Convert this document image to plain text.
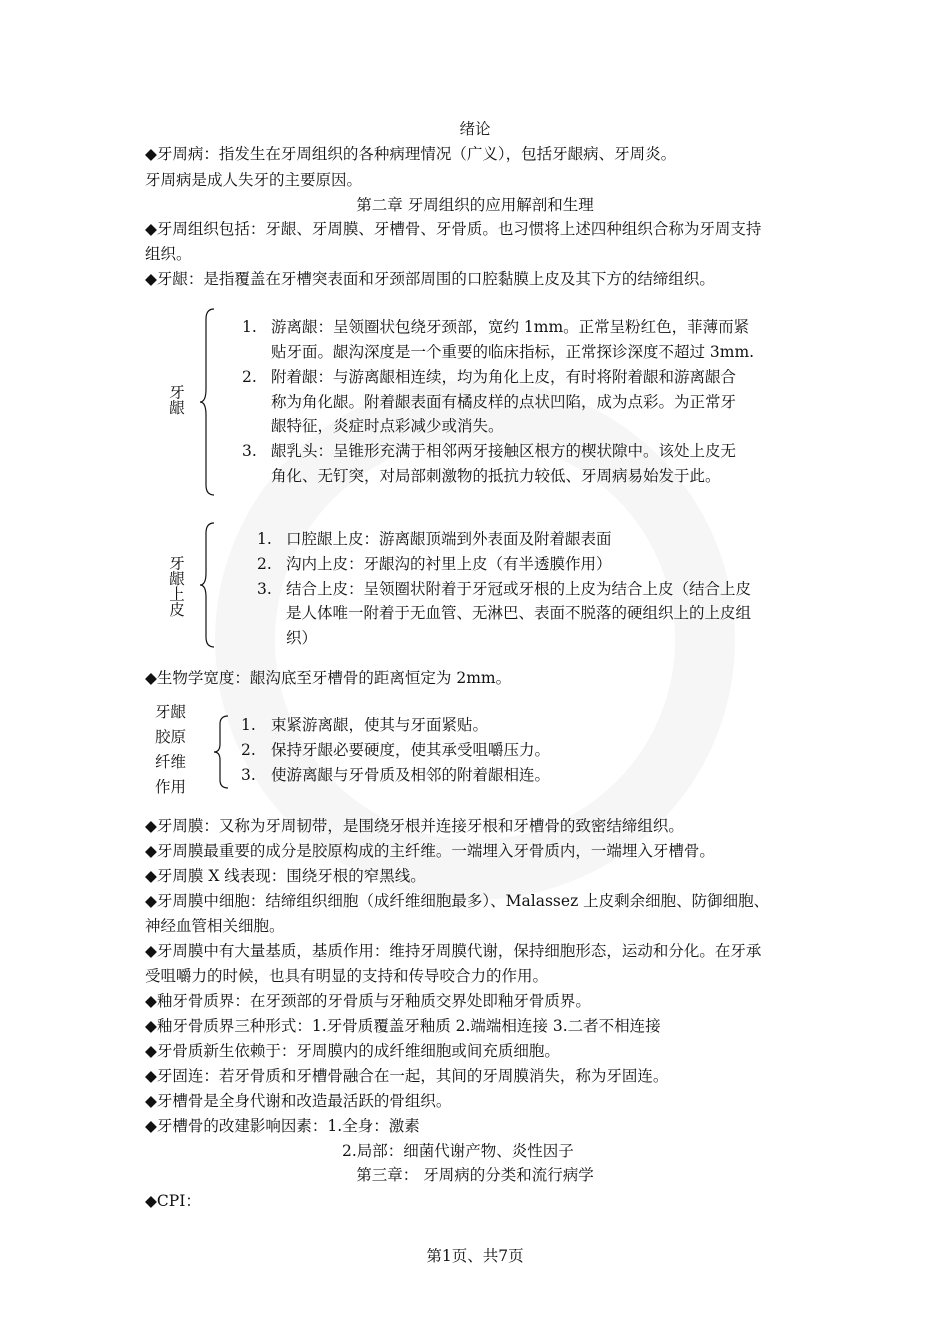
绪论
◆牙周病：指发生在牙周组织的各种病理情况（广义），包括牙龈病、牙周炎。
牙周病是成人失牙的主要原因。
第二章 牙周组织的应用解剖和生理
◆牙周组织包括：牙龈、牙周膜、牙槽骨、牙骨质。也习惯将上述四种组织合称为牙周支持
组织。
◆牙龈：是指覆盖在牙槽突表面和牙颈部周围的口腔黏膜上皮及其下方的结缔组织。
牙龈
1. 游离龈：呈领圈状包绕牙颈部，宽约 1mm。正常呈粉红色，菲薄而紧
贴牙面。龈沟深度是一个重要的临床指标，正常探诊深度不超过 3mm.
2. 附着龈：与游离龈相连续，均为角化上皮，有时将附着龈和游离龈合
称为角化龈。附着龈表面有橘皮样的点状凹陷，成为点彩。为正常牙
龈特征，炎症时点彩减少或消失。
3. 龈乳头：呈锥形充满于相邻两牙接触区根方的楔状隙中。该处上皮无
角化、无钉突，对局部刺激物的抵抗力较低、牙周病易始发于此。
牙龈上皮
1. 口腔龈上皮：游离龈顶端到外表面及附着龈表面
2. 沟内上皮：牙龈沟的衬里上皮（有半透膜作用）
3. 结合上皮：呈领圈状附着于牙冠或牙根的上皮为结合上皮（结合上皮
是人体唯一附着于无血管、无淋巴、表面不脱落的硬组织上的上皮组
织）
◆生物学宽度：龈沟底至牙槽骨的距离恒定为 2mm。
牙龈
胶原
纤维
作用
1. 束紧游离龈，使其与牙面紧贴。
2. 保持牙龈必要硬度，使其承受咀嚼压力。
3. 使游离龈与牙骨质及相邻的附着龈相连。
◆牙周膜：又称为牙周韧带，是围绕牙根并连接牙根和牙槽骨的致密结缔组织。
◆牙周膜最重要的成分是胶原构成的主纤维。一端埋入牙骨质内，一端埋入牙槽骨。
◆牙周膜 X 线表现：围绕牙根的窄黑线。
◆牙周膜中细胞：结缔组织细胞（成纤维细胞最多）、Malassez 上皮剩余细胞、防御细胞、
神经血管相关细胞。
◆牙周膜中有大量基质，基质作用：维持牙周膜代谢，保持细胞形态，运动和分化。在牙承
受咀嚼力的时候，也具有明显的支持和传导咬合力的作用。
◆釉牙骨质界：在牙颈部的牙骨质与牙釉质交界处即釉牙骨质界。
◆釉牙骨质界三种形式：1.牙骨质覆盖牙釉质 2.端端相连接 3.二者不相连接
◆牙骨质新生依赖于：牙周膜内的成纤维细胞或间充质细胞。
◆牙固连：若牙骨质和牙槽骨融合在一起，其间的牙周膜消失，称为牙固连。
◆牙槽骨是全身代谢和改造最活跃的骨组织。
◆牙槽骨的改建影响因素：1.全身：激素
2.局部：细菌代谢产物、炎性因子
第三章： 牙周病的分类和流行病学
◆CPI：
第1页、共7页
